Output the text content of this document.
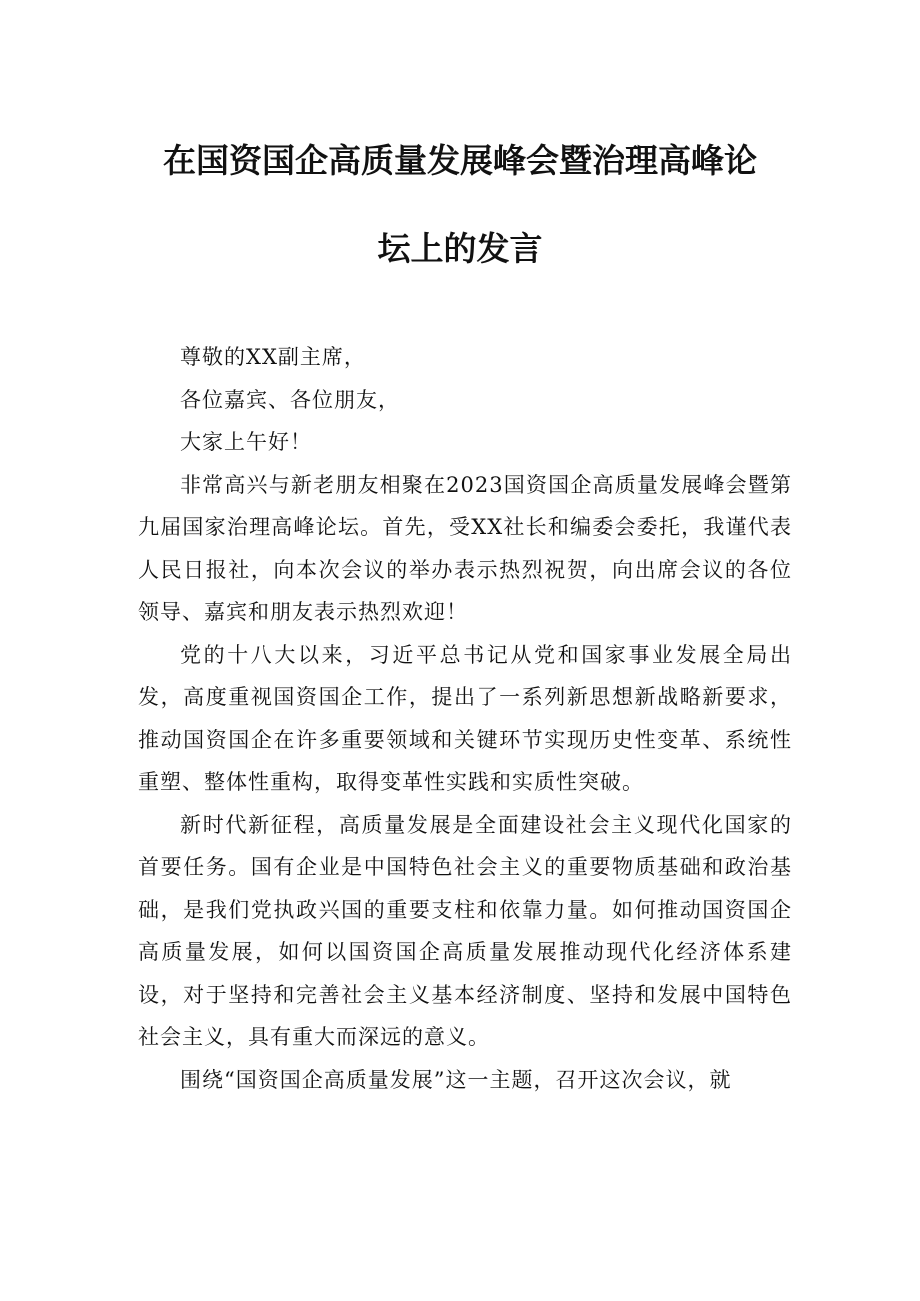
在国资国企高质量发展峰会暨治理高峰论
坛上的发言

尊敬的XX副主席，

各位嘉宾、各位朋友，

大家上午好！

非常高兴与新老朋友相聚在2023国资国企高质量发展峰会暨第九届国家治理高峰论坛。首先，受XX社长和编委会委托，我谨代表人民日报社，向本次会议的举办表示热烈祝贺，向出席会议的各位领导、嘉宾和朋友表示热烈欢迎！

党的十八大以来，习近平总书记从党和国家事业发展全局出发，高度重视国资国企工作，提出了一系列新思想新战略新要求，推动国资国企在许多重要领域和关键环节实现历史性变革、系统性重塑、整体性重构，取得变革性实践和实质性突破。

新时代新征程，高质量发展是全面建设社会主义现代化国家的首要任务。国有企业是中国特色社会主义的重要物质基础和政治基础，是我们党执政兴国的重要支柱和依靠力量。如何推动国资国企高质量发展，如何以国资国企高质量发展推动现代化经济体系建设，对于坚持和完善社会主义基本经济制度、坚持和发展中国特色社会主义，具有重大而深远的意义。

围绕“国资国企高质量发展”这一主题，召开这次会议，就
